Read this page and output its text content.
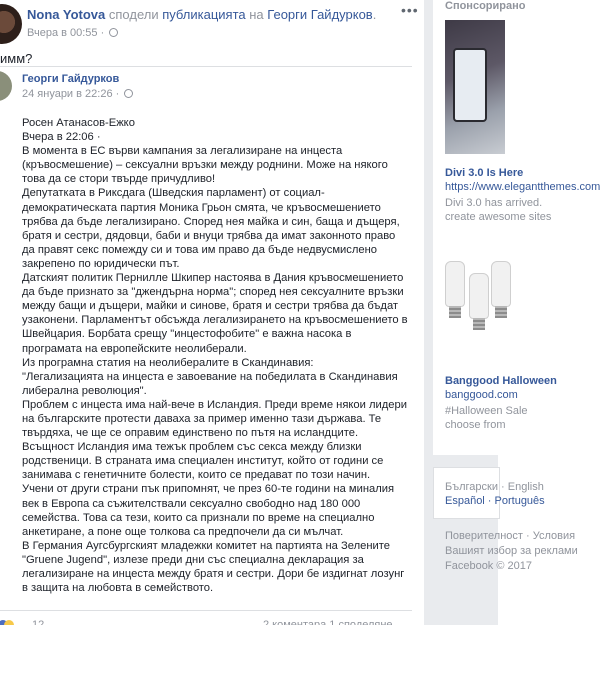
Nona Yotova сподели публикацията на Георги Гайдурков.
Вчера в 00:55 ·
•••
имм?
Георги Гайдурков
24 януари в 22:26 ·

Росен Атанасов-Ежко

Вчера в 22:06 ·

В момента в ЕС върви кампания за легализиране на инцеста (кръвосмешение) – сексуални връзки между роднини. Може на някого това да се стори твърде причудливо!

Депутатката в Риксдага (Шведския парламент) от социал-демократическата партия Моника Грьон смята, че кръвосмешението трябва да бъде легализирано. Според нея майка и син, баща и дъщеря, братя и сестри, дядовци, баби и внуци трябва да имат законното право да правят секс помежду си и това им право да бъде недвусмислено закрепено по юридически път.

Датският политик Пернилле Шкипер настоява в Дания кръвосмешението да бъде признато за "джендърна норма"; според нея сексуалните връзки между бащи и дъщери, майки и синове, братя и сестри трябва да бъдат узаконени. Парламентът обсъжда легализирането на кръвосмешението в Швейцария. Борбата срещу "инцестофобите" е важна насока в програмата на европейските неолиберали.

Из програмна статия на неолибералите в Скандинавия:

"Легализацията на инцеста е завоевание на победилата в Скандинавия либерална революция".

Проблем с инцеста има най-вече в Исландия. Преди време някои лидери на българските протести даваха за пример именно тази държава. Те твърдяха, че ще се оправим единствено по пътя на исландците. Всъщност Исландия има тежък проблем със секса между близки родственици. В страната има специален институт, който от години се занимава с генетичните болести, които се предават по този начин.

Учени от други страни пък припомнят, че през 60-те години на миналия век в Европа са съжителствали сексуално свободно над 180 000 семейства. Това са тези, които са признали по време на специално анкетиране, а поне още толкова са предпочели да си мълчат.

В Германия Аугсбургският младежки комитет на партията на Зелените "Gruene Jugend", излезе преди дни със специална декларация за легализиране на инцеста между братя и сестри. Дори бе издигнат лозунг в защита на любовта в семейството.

Спонсорирано
Divi 3.0 Is Here
https://www.elegantthemes.com
Divi 3.0 has arrived.
create awesome sites
Banggood Halloween
banggood.com
#Halloween Sale
choose from
Български · English
Español · Português
Поверителност · Условия
Вашият избор за реклами
Facebook © 2017
